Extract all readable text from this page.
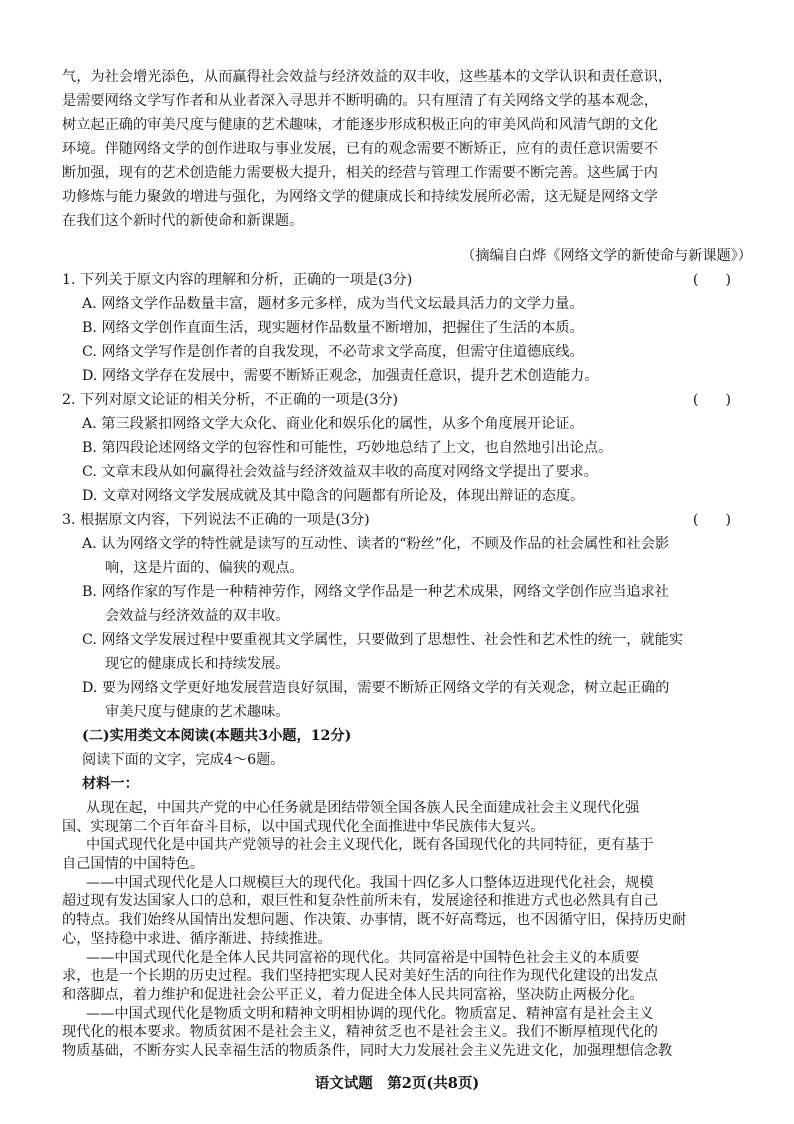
气，为社会增光添色，从而赢得社会效益与经济效益的双丰收，这些基本的文学认识和责任意识，
是需要网络文学写作者和从业者深入寻思并不断明确的。只有厘清了有关网络文学的基本观念，
树立起正确的审美尺度与健康的艺术趣味，才能逐步形成积极正向的审美风尚和风清气朗的文化
环境。伴随网络文学的创作进取与事业发展，已有的观念需要不断矫正，应有的责任意识需要不
断加强，现有的艺术创造能力需要极大提升，相关的经营与管理工作需要不断完善。这些属于内
功修炼与能力聚敛的增进与强化，为网络文学的健康成长和持续发展所必需，这无疑是网络文学
在我们这个新时代的新使命和新课题。
（摘编自白烨《网络文学的新使命与新课题》）
1. 下列关于原文内容的理解和分析，正确的一项是(3分)	(      )
A. 网络文学作品数量丰富，题材多元多样，成为当代文坛最具活力的文学力量。
B. 网络文学创作直面生活，现实题材作品数量不断增加，把握住了生活的本质。
C. 网络文学写作是创作者的自我发现，不必苛求文学高度，但需守住道德底线。
D. 网络文学存在发展中，需要不断矫正观念，加强责任意识，提升艺术创造能力。
2. 下列对原文论证的相关分析，不正确的一项是(3分)	(      )
A. 第三段紧扣网络文学大众化、商业化和娱乐化的属性，从多个角度展开论证。
B. 第四段论述网络文学的包容性和可能性，巧妙地总结了上文，也自然地引出论点。
C. 文章末段从如何赢得社会效益与经济效益双丰收的高度对网络文学提出了要求。
D. 文章对网络文学发展成就及其中隐含的问题都有所论及，体现出辩证的态度。
3. 根据原文内容，下列说法不正确的一项是(3分)	(      )
A. 认为网络文学的特性就是读写的互动性、读者的“粉丝”化，不顾及作品的社会属性和社会影
响，这是片面的、偏狭的观点。
B. 网络作家的写作是一种精神劳作，网络文学作品是一种艺术成果，网络文学创作应当追求社
会效益与经济效益的双丰收。
C. 网络文学发展过程中要重视其文学属性，只要做到了思想性、社会性和艺术性的统一，就能实
现它的健康成长和持续发展。
D. 要为网络文学更好地发展营造良好氛围，需要不断矫正网络文学的有关观念，树立起正确的
审美尺度与健康的艺术趣味。
(二)实用类文本阅读(本题共3小题，12分)
阅读下面的文字，完成4～6题。
材料一：
从现在起，中国共产党的中心任务就是团结带领全国各族人民全面建成社会主义现代化强
国、实现第二个百年奋斗目标，以中国式现代化全面推进中华民族伟大复兴。
中国式现代化是中国共产党领导的社会主义现代化，既有各国现代化的共同特征，更有基于
自己国情的中国特色。
——中国式现代化是人口规模巨大的现代化。我国十四亿多人口整体迈进现代化社会，规模
超过现有发达国家人口的总和，艰巨性和复杂性前所未有，发展途径和推进方式也必然具有自己
的特点。我们始终从国情出发想问题、作决策、办事情，既不好高骛远，也不因循守旧，保持历史耐
心，坚持稳中求进、循序渐进、持续推进。
——中国式现代化是全体人民共同富裕的现代化。共同富裕是中国特色社会主义的本质要
求，也是一个长期的历史过程。我们坚持把实现人民对美好生活的向往作为现代化建设的出发点
和落脚点，着力维护和促进社会公平正义，着力促进全体人民共同富裕，坚决防止两极分化。
——中国式现代化是物质文明和精神文明相协调的现代化。物质富足、精神富有是社会主义
现代化的根本要求。物质贫困不是社会主义，精神贫乏也不是社会主义。我们不断厚植现代化的
物质基础，不断夯实人民幸福生活的物质条件，同时大力发展社会主义先进文化，加强理想信念教
语文试题　第2页(共8页)
